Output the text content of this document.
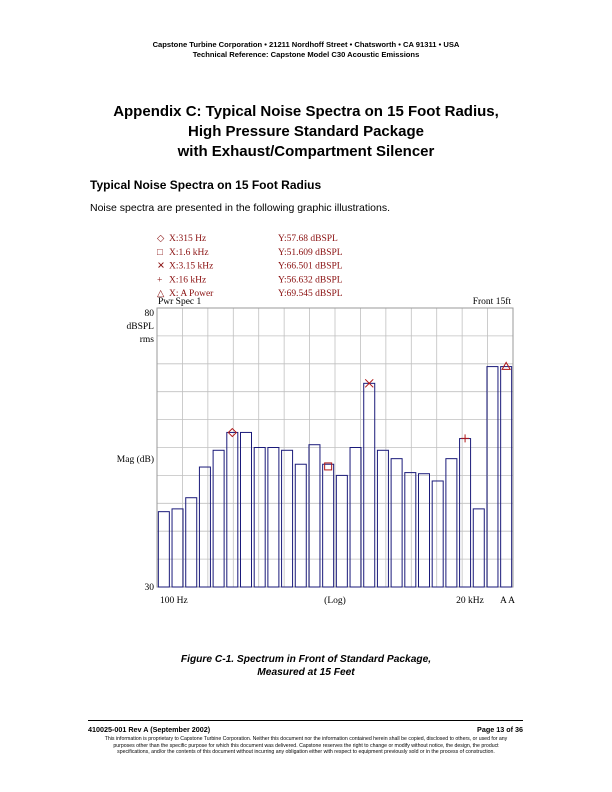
Capstone Turbine Corporation • 21211 Nordhoff Street • Chatsworth • CA 91311 • USA
Technical Reference: Capstone Model C30 Acoustic Emissions
Appendix C: Typical Noise Spectra on 15 Foot Radius,
High Pressure Standard Package
with Exhaust/Compartment Silencer
Typical Noise Spectra on 15 Foot Radius
Noise spectra are presented in the following graphic illustrations.
◇ X:315 Hz	Y:57.68 dBSPL
□ X:1.6 kHz	Y:51.609 dBSPL
✕ X:3.15 kHz	Y:66.501 dBSPL
+ X:16 kHz	Y:56.632 dBSPL
△ X: A Power	Y:69.545 dBSPL
Pwr Spec 1	Front 15ft
80
dBSPL
rms
Mag (dB)
30
100 Hz	(Log)	20 kHz A A
Figure C-1. Spectrum in Front of Standard Package,
Measured at 15 Feet
410025-001 Rev A (September 2002)	Page 13 of 36
This information is proprietary to Capstone Turbine Corporation. Neither this document nor the information contained herein shall be copied, disclosed to others, or used for any
purposes other than the specific purpose for which this document was delivered. Capstone reserves the right to change or modify without notice, the design, the product
specifications, and/or the contents of this document without incurring any obligation either with respect to equipment previously sold or in the process of construction.
